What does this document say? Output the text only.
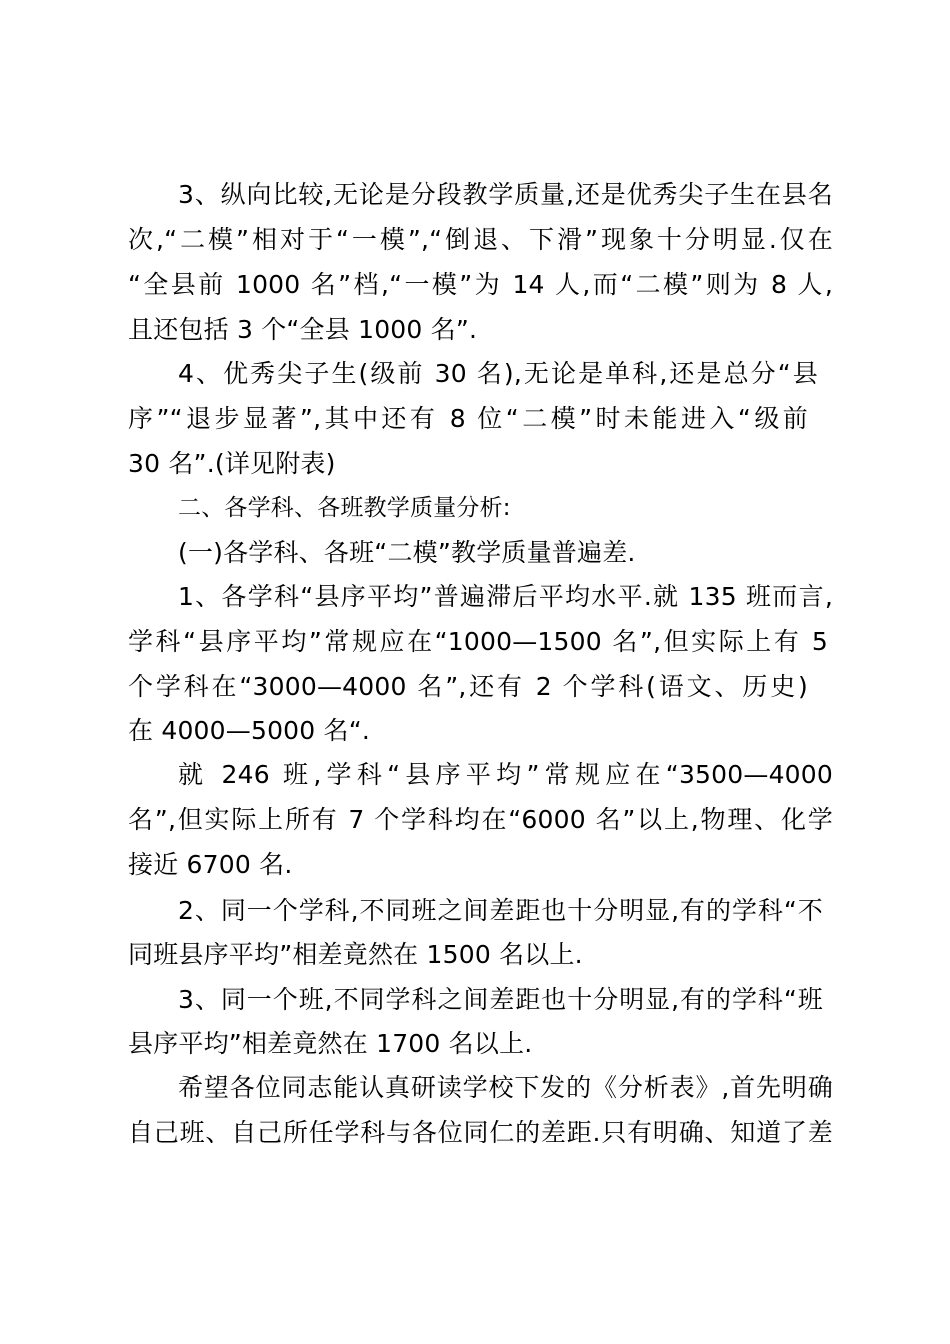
3、纵向比较,无论是分段教学质量,还是优秀尖子生在县名
次,“二模”相对于“一模”,“倒退、下滑”现象十分明显.仅在
“全县前 1000 名”档,“一模”为 14 人,而“二模”则为 8 人,
且还包括 3 个“全县 1000 名”.
4、优秀尖子生(级前 30 名),无论是单科,还是总分“县
序”“退步显著”,其中还有 8 位“二模”时未能进入“级前
30 名”.(详见附表)
二、各学科、各班教学质量分析:
(一)各学科、各班“二模”教学质量普遍差.
1、各学科“县序平均”普遍滞后平均水平.就 135 班而言,
学科“县序平均”常规应在“1000—1500 名”,但实际上有 5
个学科在“3000—4000 名”,还有 2 个学科(语文、历史)
在 4000—5000 名“.
就 246 班,学科“县序平均”常规应在“3500—4000
名”,但实际上所有 7 个学科均在“6000 名”以上,物理、化学
接近 6700 名.
2、同一个学科,不同班之间差距也十分明显,有的学科“不
同班县序平均”相差竟然在 1500 名以上.
3、同一个班,不同学科之间差距也十分明显,有的学科“班
县序平均”相差竟然在 1700 名以上.
希望各位同志能认真研读学校下发的《分析表》,首先明确
自己班、自己所任学科与各位同仁的差距.只有明确、知道了差
